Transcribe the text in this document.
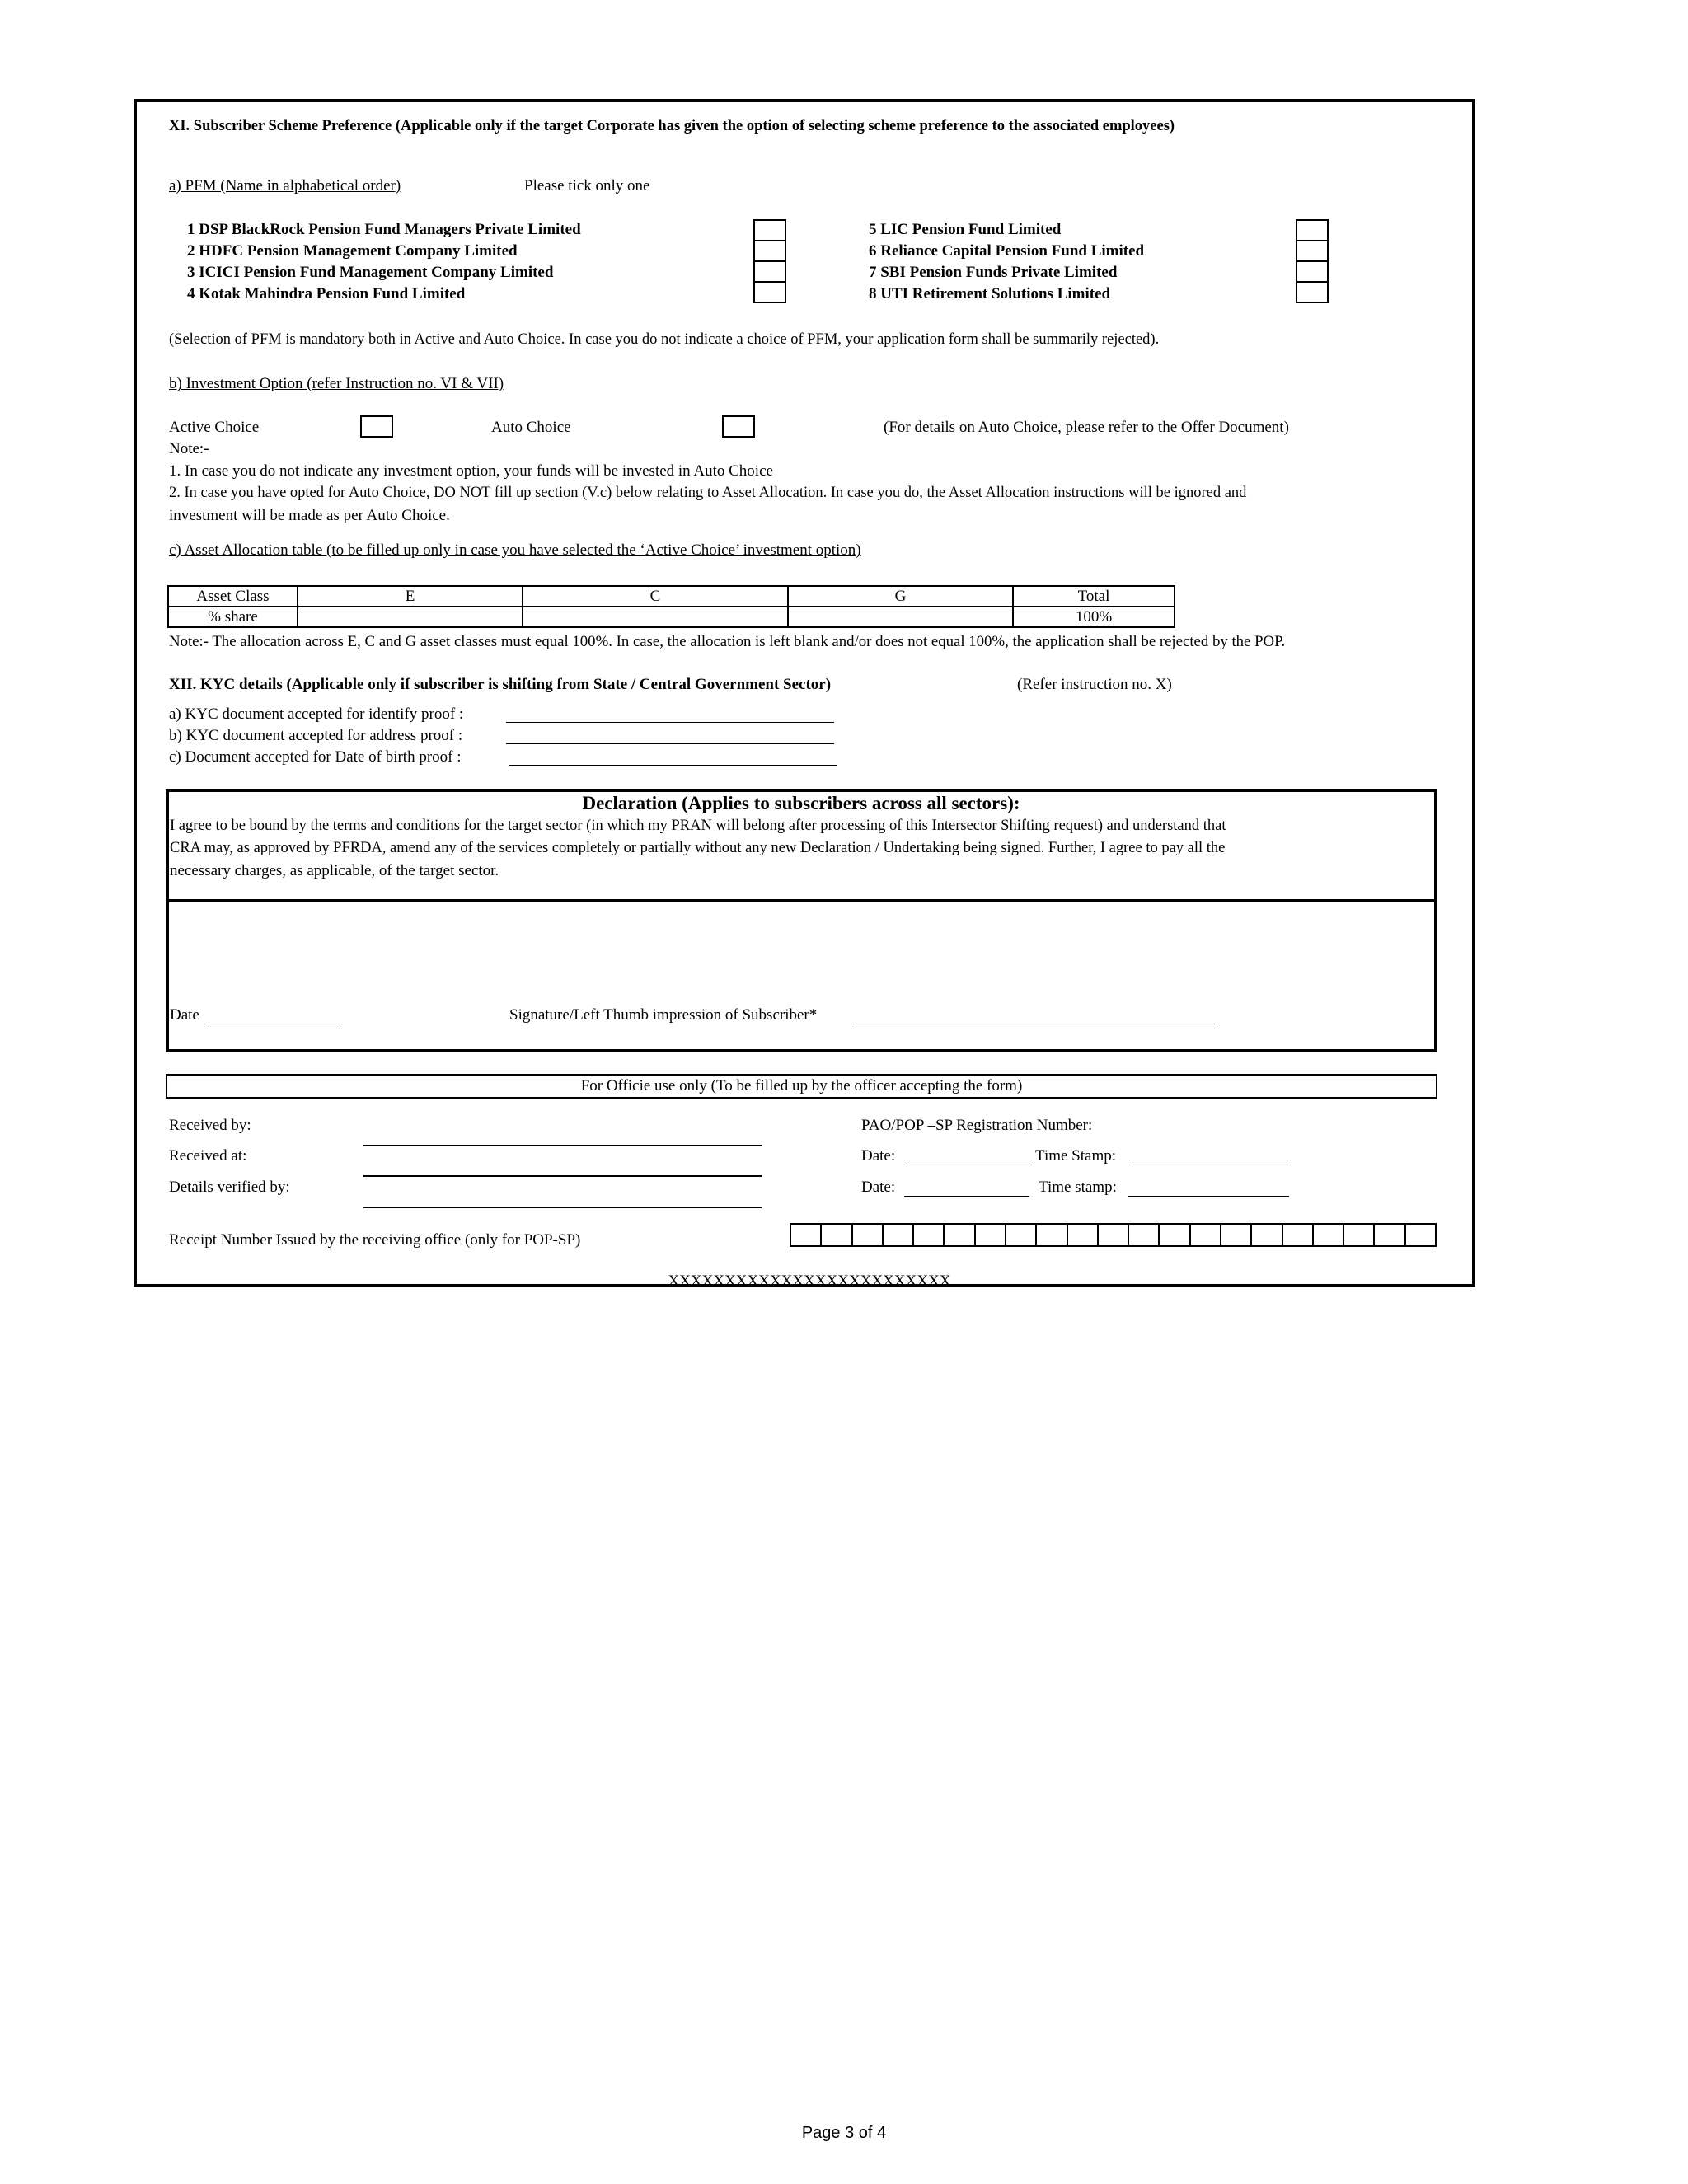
XI. Subscriber Scheme Preference (Applicable only if the target Corporate has given the option of selecting scheme preference to the associated employees)
a) PFM (Name in alphabetical order)	Please tick only one
1 DSP BlackRock Pension Fund Managers Private Limited
2 HDFC Pension Management Company Limited
3 ICICI Pension Fund Management Company Limited
4 Kotak Mahindra Pension Fund Limited
5 LIC Pension Fund Limited
6 Reliance Capital Pension Fund Limited
7 SBI Pension Funds Private Limited
8 UTI Retirement Solutions Limited
(Selection of PFM is mandatory both in Active and Auto Choice. In case you do not indicate a choice of PFM, your application form shall be summarily rejected).
b) Investment Option (refer Instruction no. VI & VII)
Active Choice	Auto Choice	(For details on Auto Choice, please refer to the Offer Document)
Note:-
1. In case you do not indicate any investment option, your funds will be invested in Auto Choice
2. In case you have opted for Auto Choice, DO NOT fill up section (V.c) below relating to Asset Allocation. In case you do, the Asset Allocation instructions will be ignored and
investment will be made as per Auto Choice.
c) Asset Allocation table (to be filled up only in case you have selected the ‘Active Choice’ investment option)
Asset Class	E	C	G	Total
% share				100%
Note:- The allocation across E, C and G asset classes must equal 100%. In case, the allocation is left blank and/or does not equal 100%, the application shall be rejected by the POP.
XII. KYC details (Applicable only if subscriber is shifting from State / Central Government Sector)	(Refer instruction no. X)
a) KYC document accepted for identify proof :
b) KYC document accepted for address proof :
c) Document accepted for Date of birth proof :
Declaration (Applies to subscribers across all sectors):
I agree to be bound by the terms and conditions for the target sector (in which my PRAN will belong after processing of this Intersector Shifting request) and understand that
CRA may, as approved by PFRDA, amend any of the services completely or partially without any new Declaration / Undertaking being signed. Further, I agree to pay all the
necessary charges, as applicable, of the target sector.
Date	Signature/Left Thumb impression of Subscriber*
For Officie use only (To be filled up by the officer accepting the form)
Received by:
Received at:
Details verified by:
PAO/POP –SP Registration Number:
Date:	Time Stamp:
Date:	Time stamp:
Receipt Number Issued by the receiving office (only for POP-SP)
XXXXXXXXXXXXXXXXXXXXXXXXX
Page 3 of 4
